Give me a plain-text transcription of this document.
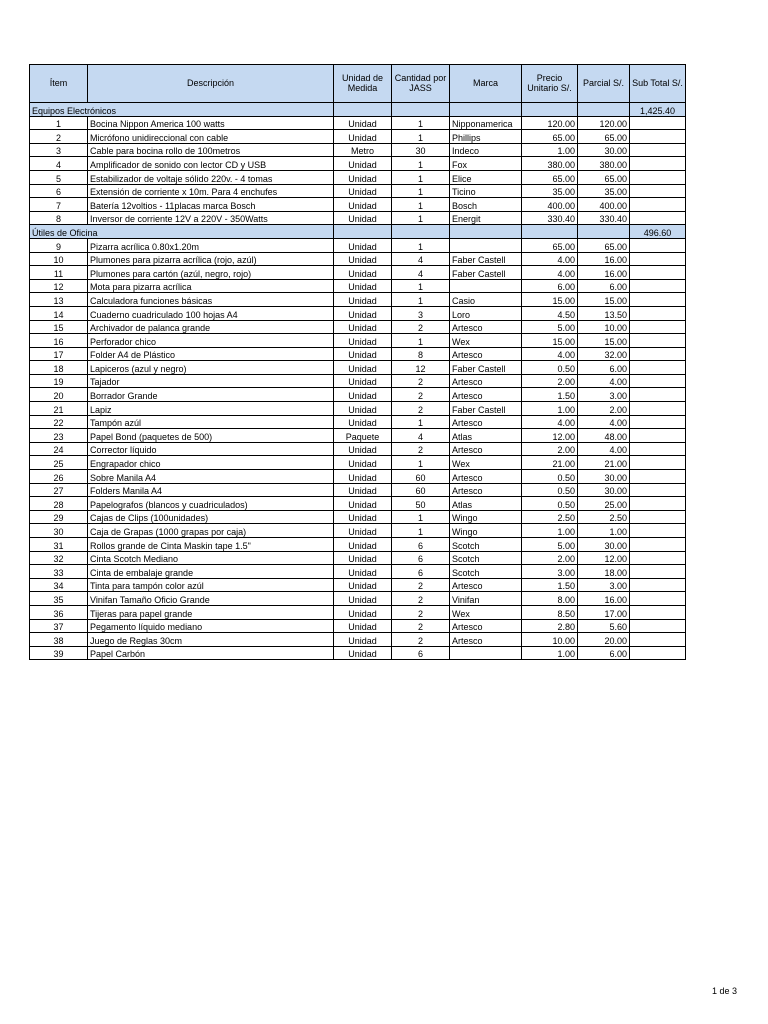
Ítem	Descripción	Unidad de Medida	Cantidad por JASS	Marca	Precio Unitario S/.	Parcial S/.	Sub Total S/.
Equipos Electrónicos							1,425.40
1	Bocina Nippon America 100 watts	Unidad	1	Nipponamerica	120.00	120.00	
2	Micrófono unidireccional con cable	Unidad	1	Phillips	65.00	65.00	
3	Cable para bocina rollo de 100metros	Metro	30	Indeco	1.00	30.00	
4	Amplificador de sonido con lector CD y USB	Unidad	1	Fox	380.00	380.00	
5	Estabilizador de voltaje sólido 220v. - 4 tomas	Unidad	1	Elice	65.00	65.00	
6	Extensión de corriente x 10m. Para 4 enchufes	Unidad	1	Ticino	35.00	35.00	
7	Batería 12voltios - 11placas marca Bosch	Unidad	1	Bosch	400.00	400.00	
8	Inversor de corriente 12V a 220V - 350Watts	Unidad	1	Energit	330.40	330.40	
Útiles de Oficina							496.60
9	Pizarra acrílica 0.80x1.20m	Unidad	1		65.00	65.00	
10	Plumones para pizarra acrílica (rojo, azúl)	Unidad	4	Faber Castell	4.00	16.00	
11	Plumones para cartón (azúl, negro, rojo)	Unidad	4	Faber Castell	4.00	16.00	
12	Mota para pizarra acrílica	Unidad	1		6.00	6.00	
13	Calculadora funciones básicas	Unidad	1	Casio	15.00	15.00	
14	Cuaderno cuadriculado 100 hojas A4	Unidad	3	Loro	4.50	13.50	
15	Archivador de palanca grande	Unidad	2	Artesco	5.00	10.00	
16	Perforador chico	Unidad	1	Wex	15.00	15.00	
17	Folder A4 de Plástico	Unidad	8	Artesco	4.00	32.00	
18	Lapiceros (azul y negro)	Unidad	12	Faber Castell	0.50	6.00	
19	Tajador	Unidad	2	Artesco	2.00	4.00	
20	Borrador Grande	Unidad	2	Artesco	1.50	3.00	
21	Lapiz	Unidad	2	Faber Castell	1.00	2.00	
22	Tampón azúl	Unidad	1	Artesco	4.00	4.00	
23	Papel Bond (paquetes de 500)	Paquete	4	Atlas	12.00	48.00	
24	Corrector líquido	Unidad	2	Artesco	2.00	4.00	
25	Engrapador chico	Unidad	1	Wex	21.00	21.00	
26	Sobre Manila A4	Unidad	60	Artesco	0.50	30.00	
27	Folders Manila A4	Unidad	60	Artesco	0.50	30.00	
28	Papelografos (blancos y cuadriculados)	Unidad	50	Atlas	0.50	25.00	
29	Cajas de Clips (100unidades)	Unidad	1	Wingo	2.50	2.50	
30	Caja de Grapas (1000 grapas por caja)	Unidad	1	Wingo	1.00	1.00	
31	Rollos grande de Cinta Maskin tape 1.5"	Unidad	6	Scotch	5.00	30.00	
32	Cinta Scotch Mediano	Unidad	6	Scotch	2.00	12.00	
33	Cinta de embalaje grande	Unidad	6	Scotch	3.00	18.00	
34	Tinta para tampón color azúl	Unidad	2	Artesco	1.50	3.00	
35	Vinifan Tamaño Oficio Grande	Unidad	2	Vinifan	8.00	16.00	
36	Tijeras para papel grande	Unidad	2	Wex	8.50	17.00	
37	Pegamento líquido mediano	Unidad	2	Artesco	2.80	5.60	
38	Juego de Reglas 30cm	Unidad	2	Artesco	10.00	20.00	
39	Papel Carbón	Unidad	6		1.00	6.00	
1 de 3
